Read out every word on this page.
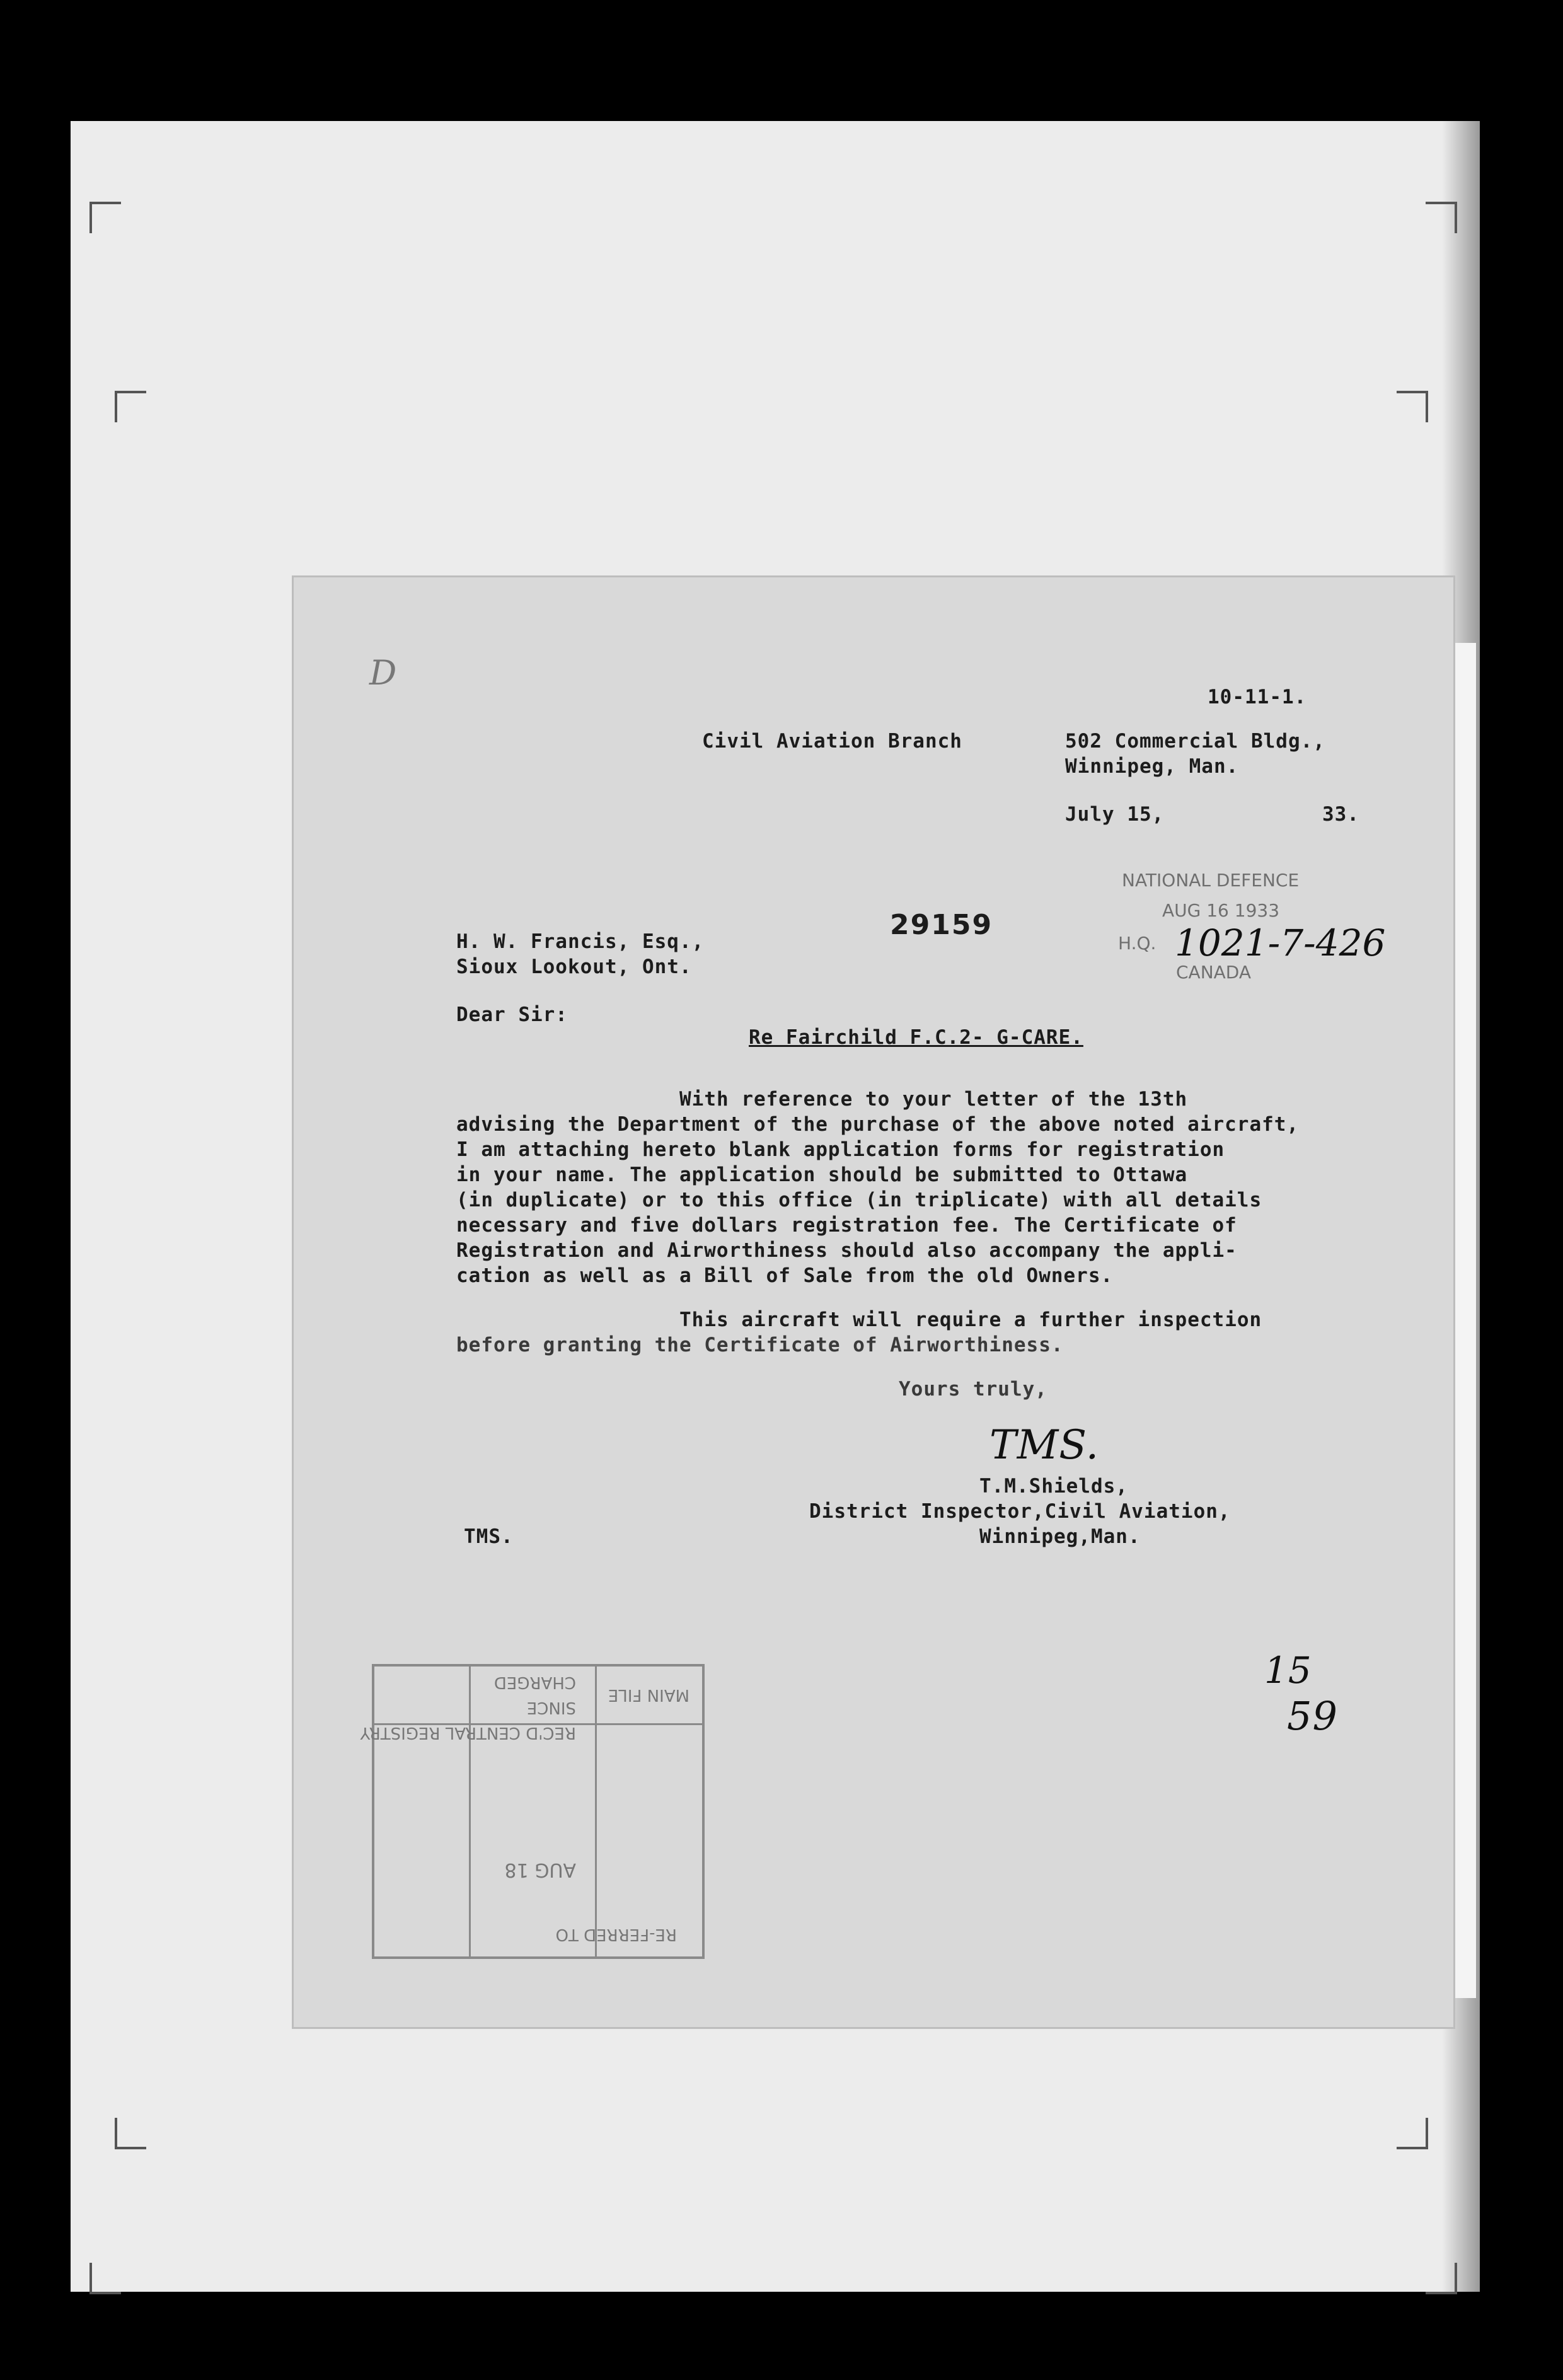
D
10-11-1.
Civil Aviation Branch	502 Commercial Bldg.,
Winnipeg, Man.
July 15,	33.
29159
H. W. Francis, Esq.,
Sioux Lookout, Ont.
Dear Sir:
Re Fairchild F.C.2- G-CARE.
With reference to your letter of the 13th
advising the Department of the purchase of the above noted aircraft,
I am attaching hereto blank application forms for registration
in your name. The application should be submitted to Ottawa
(in duplicate) or to this office (in triplicate) with all details
necessary and five dollars registration fee. The Certificate of
Registration and Airworthiness should also accompany the appli-
cation as well as a Bill of Sale from the old Owners.
This aircraft will require a further inspection
before granting the Certificate of Airworthiness.
Yours truly,
TMS.
T.M.Shields,
District Inspector,Civil Aviation,
Winnipeg,Man.
TMS.
15
59
NATIONAL DEFENCE
AUG 16 1933
H.Q.
CANADA
1021-7-426
RE-FERRED TO
AUG 18
REC'D CENTRAL REGISTRY
SINCE
CHARGED
MAIN FILE
